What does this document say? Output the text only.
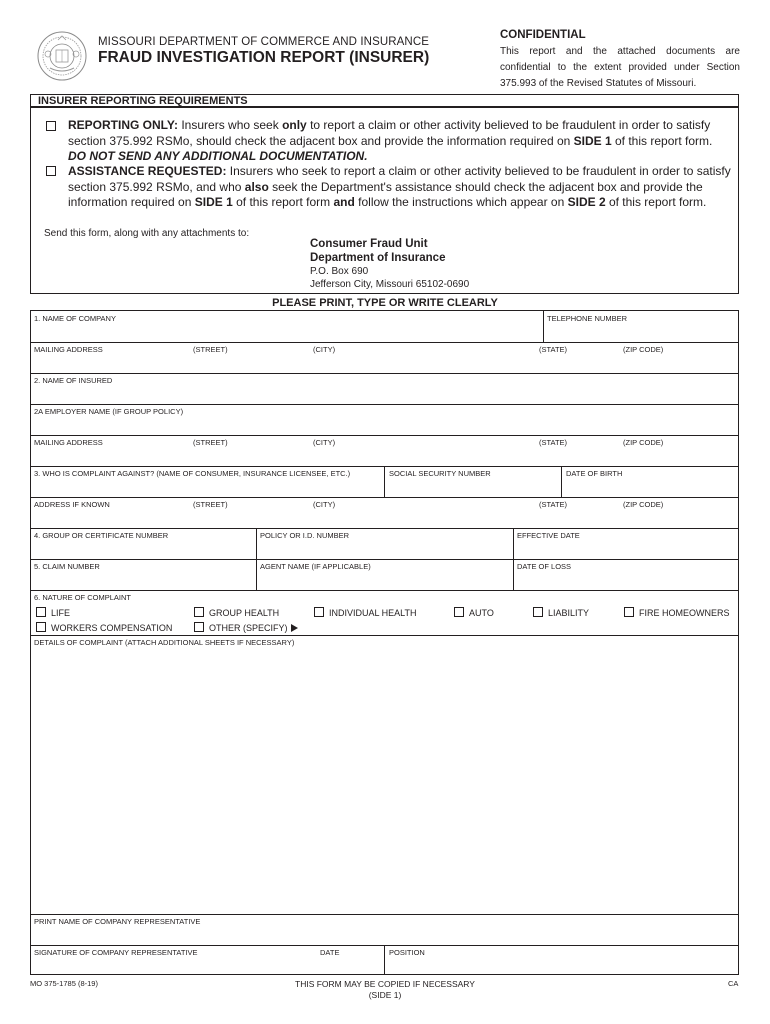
MISSOURI DEPARTMENT OF COMMERCE AND INSURANCE
FRAUD INVESTIGATION REPORT (INSURER)
CONFIDENTIAL
This report and the attached documents are confidential to the extent provided under Section 375.993 of the Revised Statutes of Missouri.
INSURER REPORTING REQUIREMENTS
REPORTING ONLY: Insurers who seek only to report a claim or other activity believed to be fraudulent in order to satisfy section 375.992 RSMo, should check the adjacent box and provide the information required on SIDE 1 of this report form. DO NOT SEND ANY ADDITIONAL DOCUMENTATION.
ASSISTANCE REQUESTED: Insurers who seek to report a claim or other activity believed to be fraudulent in order to satisfy section 375.992 RSMo, and who also seek the Department's assistance should check the adjacent box and provide the information required on SIDE 1 of this report form and follow the instructions which appear on SIDE 2 of this report form.
Send this form, along with any attachments to:
Consumer Fraud Unit
Department of Insurance
P.O. Box 690
Jefferson City, Missouri 65102-0690
PLEASE PRINT, TYPE OR WRITE CLEARLY
1. NAME OF COMPANY	TELEPHONE NUMBER
MAILING ADDRESS	(STREET)	(CITY)	(STATE)	(ZIP CODE)
2. NAME OF INSURED
2A EMPLOYER NAME (IF GROUP POLICY)
MAILING ADDRESS	(STREET)	(CITY)	(STATE)	(ZIP CODE)
3. WHO IS COMPLAINT AGAINST? (NAME OF CONSUMER, INSURANCE LICENSEE, ETC.)	SOCIAL SECURITY NUMBER	DATE OF BIRTH
ADDRESS IF KNOWN	(STREET)	(CITY)	(STATE)	(ZIP CODE)
4. GROUP OR CERTIFICATE NUMBER	POLICY OR I.D. NUMBER	EFFECTIVE DATE
5. CLAIM NUMBER	AGENT NAME (IF APPLICABLE)	DATE OF LOSS
6. NATURE OF COMPLAINT
LIFE	GROUP HEALTH	INDIVIDUAL HEALTH	AUTO	LIABILITY	FIRE HOMEOWNERS
WORKERS COMPENSATION	OTHER (SPECIFY)
DETAILS OF COMPLAINT (ATTACH ADDITIONAL SHEETS IF NECESSARY)
PRINT NAME OF COMPANY REPRESENTATIVE
SIGNATURE OF COMPANY REPRESENTATIVE	DATE	POSITION
MO 375-1785 (8-19)	THIS FORM MAY BE COPIED IF NECESSARY
(SIDE 1)
CA
